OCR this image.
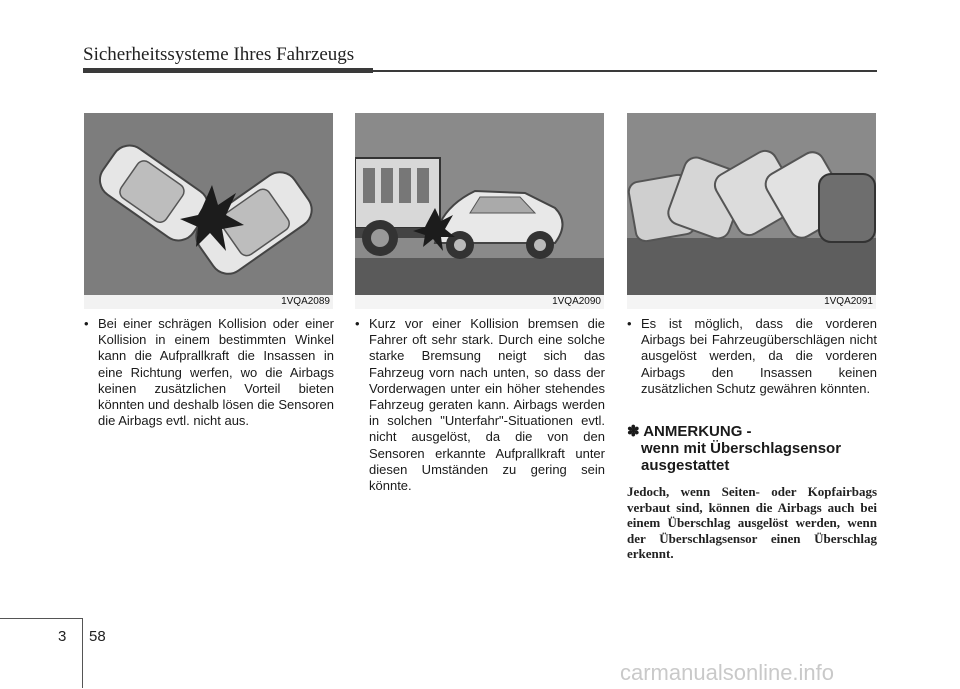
Sicherheitssysteme Ihres Fahrzeugs
1VQA2089	1VQA2090	1VQA2091

• Bei einer schrägen Kollision oder einer Kollision in einem bestimmten Winkel kann die Aufprallkraft die Insassen in eine Richtung werfen, wo die Airbags keinen zusätzlichen Vorteil bieten könnten und deshalb lösen die Sensoren die Airbags evtl. nicht aus.

• Kurz vor einer Kollision bremsen die Fahrer oft sehr stark. Durch eine solche starke Bremsung neigt sich das Fahrzeug vorn nach unten, so dass der Vorderwagen unter ein höher stehendes Fahrzeug geraten kann. Airbags werden in solchen "Unterfahr"-Situationen evtl. nicht ausgelöst, da die von den Sensoren erkannte Aufprallkraft unter diesen Umständen zu gering sein könnte.

• Es ist möglich, dass die vorderen Airbags bei Fahrzeugüberschlägen nicht ausgelöst werden, da die vorderen Airbags den Insassen keinen zusätzlichen Schutz gewähren könnten.

✽ ANMERKUNG -
wenn mit Überschlagsensor ausgestattet
Jedoch, wenn Seiten- oder Kopfairbags verbaut sind, können die Airbags auch bei einem Überschlag ausgelöst werden, wenn der Überschlagsensor einen Überschlag erkennt.
3 58
carmanualsonline.info
